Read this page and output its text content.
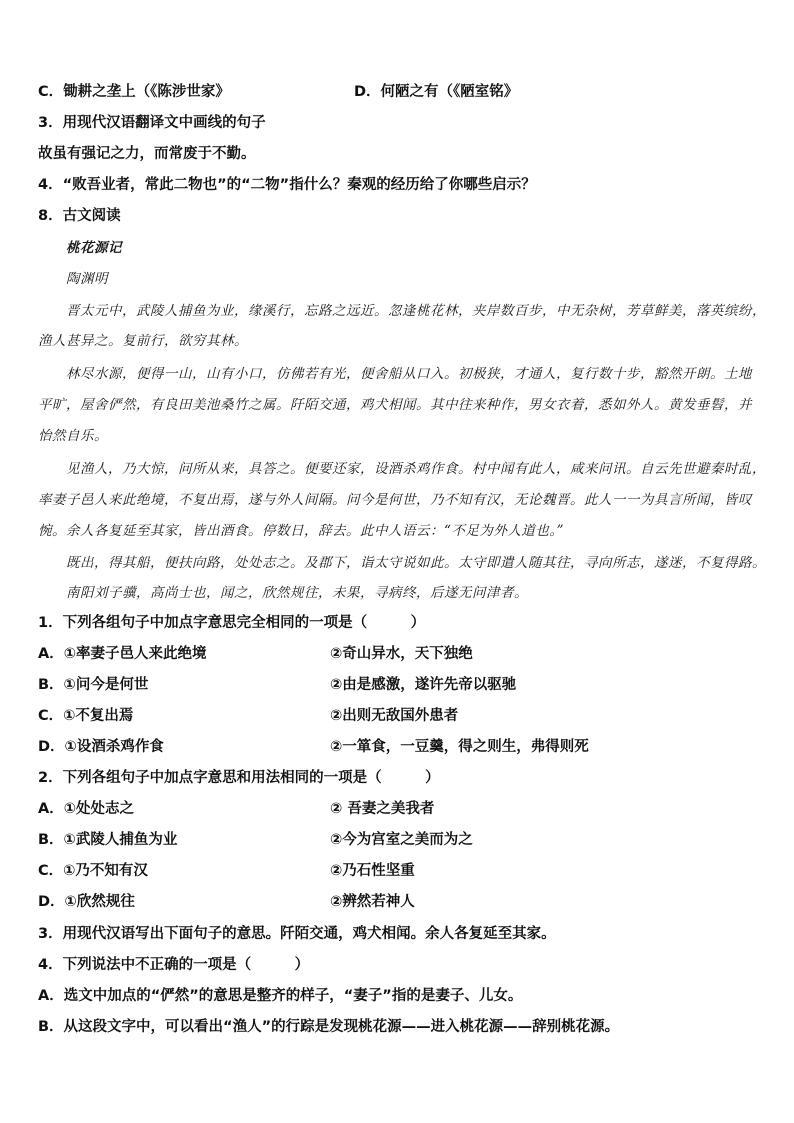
C．锄耕之垄上（《陈涉世家》	D．何陋之有（《陋室铭》
3．用现代汉语翻译文中画线的句子
故虽有强记之力，而常废于不勤。
4．“败吾业者，常此二物也”的“二物”指什么？秦观的经历给了你哪些启示？
8．古文阅读
桃花源记
陶渊明
晋太元中，武陵人捕鱼为业，缘溪行，忘路之远近。忽逢桃花林，夹岸数百步，中无杂树，芳草鲜美，落英缤纷，
渔人甚异之。复前行，欲穷其林。
林尽水源，便得一山，山有小口，仿佛若有光，便舍船从口入。初极狭，才通人，复行数十步，豁然开朗。土地
平旷，屋舍俨然，有良田美池桑竹之属。阡陌交通，鸡犬相闻。其中往来种作，男女衣着，悉如外人。黄发垂髫，并
怡然自乐。
见渔人，乃大惊，问所从来，具答之。便要还家，设酒杀鸡作食。村中闻有此人，咸来问讯。自云先世避秦时乱，
率妻子邑人来此绝境，不复出焉，遂与外人间隔。问今是何世，乃不知有汉，无论魏晋。此人一一为具言所闻，皆叹
惋。余人各复延至其家，皆出酒食。停数日，辞去。此中人语云：“不足为外人道也。”
既出，得其船，便扶向路，处处志之。及郡下，诣太守说如此。太守即遣人随其往，寻向所志，遂迷，不复得路。
南阳刘子骥，高尚士也，闻之，欣然规往，未果，寻病终，后遂无问津者。
1．下列各组句子中加点字意思完全相同的一项是（　　　）
A．①率妻子邑人来此绝境	②奇山异水，天下独绝
B．①问今是何世	②由是感激，遂许先帝以驱驰
C．①不复出焉	②出则无敌国外患者
D．①设酒杀鸡作食	②一箪食，一豆羹，得之则生，弗得则死
2．下列各组句子中加点字意思和用法相同的一项是（　　　）
A．①处处志之	② 吾妻之美我者
B．①武陵人捕鱼为业	②今为宫室之美而为之
C．①乃不知有汉	②乃石性坚重
D．①欣然规往	②辨然若神人
3．用现代汉语写出下面句子的意思。阡陌交通，鸡犬相闻。余人各复延至其家。
4．下列说法中不正确的一项是（　　　）
A．选文中加点的“俨然”的意思是整齐的样子，“妻子”指的是妻子、儿女。
B．从这段文字中，可以看出“渔人”的行踪是发现桃花源——进入桃花源——辞别桃花源。
